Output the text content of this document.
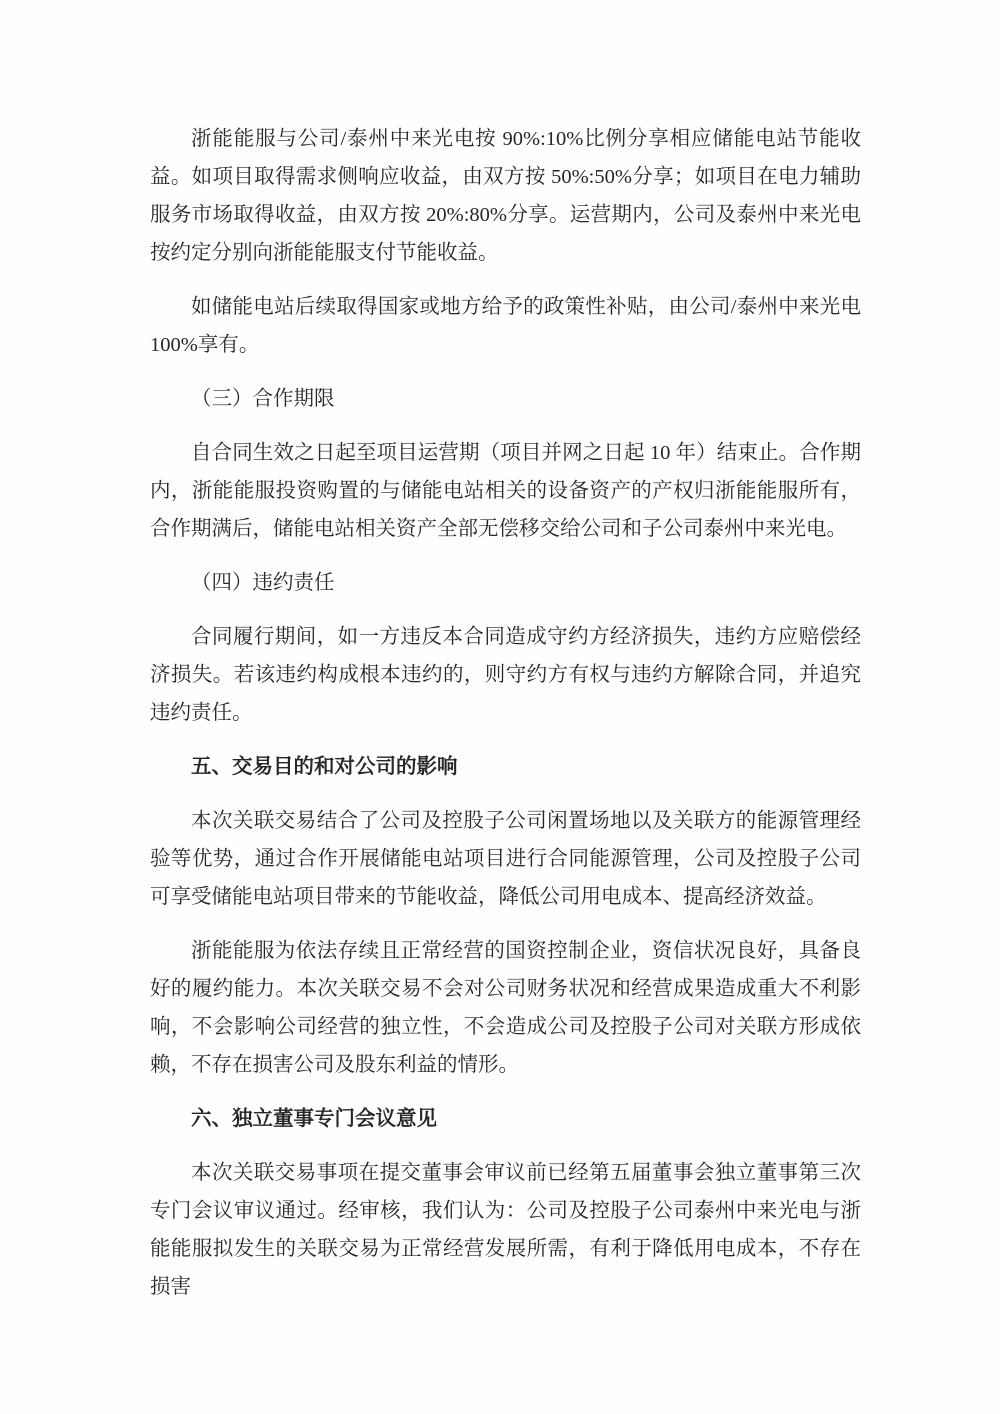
浙能能服与公司/泰州中来光电按 90%:10%比例分享相应储能电站节能收益。如项目取得需求侧响应收益，由双方按 50%:50%分享；如项目在电力辅助服务市场取得收益，由双方按 20%:80%分享。运营期内，公司及泰州中来光电按约定分别向浙能能服支付节能收益。

如储能电站后续取得国家或地方给予的政策性补贴，由公司/泰州中来光电100%享有。

（三）合作期限

自合同生效之日起至项目运营期（项目并网之日起 10 年）结束止。合作期内，浙能能服投资购置的与储能电站相关的设备资产的产权归浙能能服所有，合作期满后，储能电站相关资产全部无偿移交给公司和子公司泰州中来光电。

（四）违约责任

合同履行期间，如一方违反本合同造成守约方经济损失，违约方应赔偿经济损失。若该违约构成根本违约的，则守约方有权与违约方解除合同，并追究违约责任。

五、交易目的和对公司的影响

本次关联交易结合了公司及控股子公司闲置场地以及关联方的能源管理经验等优势，通过合作开展储能电站项目进行合同能源管理，公司及控股子公司可享受储能电站项目带来的节能收益，降低公司用电成本、提高经济效益。

浙能能服为依法存续且正常经营的国资控制企业，资信状况良好，具备良好的履约能力。本次关联交易不会对公司财务状况和经营成果造成重大不利影响，不会影响公司经营的独立性，不会造成公司及控股子公司对关联方形成依赖，不存在损害公司及股东利益的情形。

六、独立董事专门会议意见

本次关联交易事项在提交董事会审议前已经第五届董事会独立董事第三次专门会议审议通过。经审核，我们认为：公司及控股子公司泰州中来光电与浙能能服拟发生的关联交易为正常经营发展所需，有利于降低用电成本，不存在损害
